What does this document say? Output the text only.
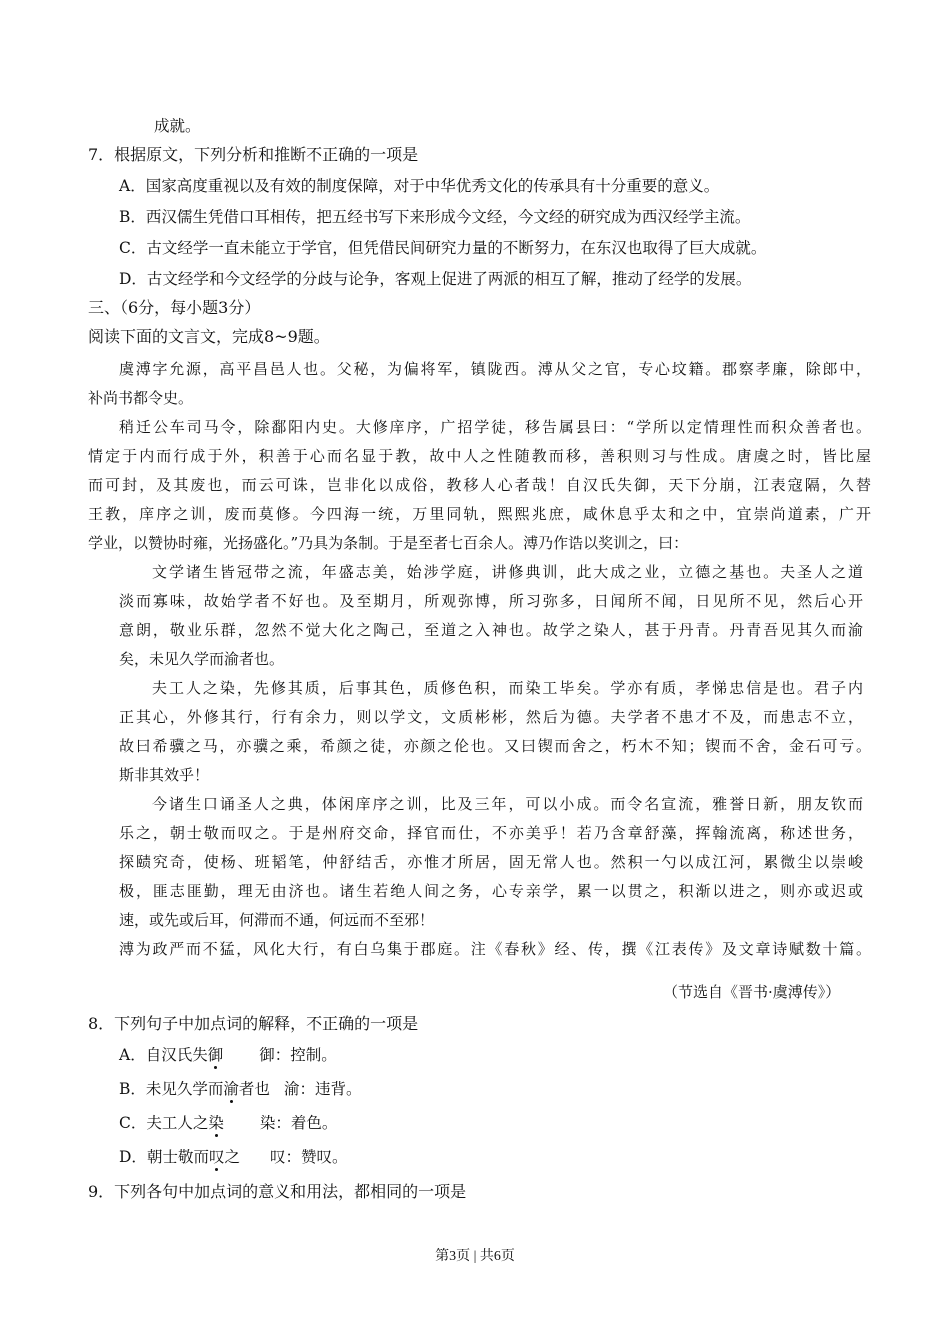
成就。
7．根据原文，下列分析和推断不正确的一项是
A．国家高度重视以及有效的制度保障，对于中华优秀文化的传承具有十分重要的意义。
B．西汉儒生凭借口耳相传，把五经书写下来形成今文经，今文经的研究成为西汉经学主流。
C．古文经学一直未能立于学官，但凭借民间研究力量的不断努力，在东汉也取得了巨大成就。
D．古文经学和今文经学的分歧与论争，客观上促进了两派的相互了解，推动了经学的发展。
三、（6分，每小题3分）
阅读下面的文言文，完成8~9题。
虞溥字允源，高平昌邑人也。父秘，为偏将军，镇陇西。溥从父之官，专心坟籍。郡察孝廉，除郎中，
补尚书都令史。
稍迁公车司马令，除鄱阳内史。大修庠序，广招学徒，移告属县曰：“学所以定情理性而积众善者也。
情定于内而行成于外，积善于心而名显于教，故中人之性随教而移，善积则习与性成。唐虞之时，皆比屋
而可封，及其废也，而云可诛，岂非化以成俗，教移人心者哉！自汉氏失御，天下分崩，江表寇隔，久替
王教，庠序之训，废而莫修。今四海一统，万里同轨，熙熙兆庶，咸休息乎太和之中，宜崇尚道素，广开
学业，以赞协时雍，光扬盛化。”乃具为条制。于是至者七百余人。溥乃作诰以奖训之，曰：
文学诸生皆冠带之流，年盛志美，始涉学庭，讲修典训，此大成之业，立德之基也。夫圣人之道
淡而寡味，故始学者不好也。及至期月，所观弥博，所习弥多，日闻所不闻，日见所不见，然后心开
意朗，敬业乐群，忽然不觉大化之陶己，至道之入神也。故学之染人，甚于丹青。丹青吾见其久而渝
矣，未见久学而渝者也。
夫工人之染，先修其质，后事其色，质修色积，而染工毕矣。学亦有质，孝悌忠信是也。君子内
正其心，外修其行，行有余力，则以学文，文质彬彬，然后为德。夫学者不患才不及，而患志不立，
故曰希骥之马，亦骥之乘，希颜之徒，亦颜之伦也。又曰锲而舍之，朽木不知；锲而不舍，金石可亏。
斯非其效乎！
今诸生口诵圣人之典，体闲庠序之训，比及三年，可以小成。而令名宣流，雅誉日新，朋友钦而
乐之，朝士敬而叹之。于是州府交命，择官而仕，不亦美乎！若乃含章舒藻，挥翰流离，称述世务，
探赜究奇，使杨、班韬笔，仲舒结舌，亦惟才所居，固无常人也。然积一勺以成江河，累微尘以崇峻
极，匪志匪勤，理无由济也。诸生若绝人间之务，心专亲学，累一以贯之，积渐以进之，则亦或迟或
速，或先或后耳，何滞而不通，何远而不至邪！
溥为政严而不猛，风化大行，有白乌集于郡庭。注《春秋》经、传，撰《江表传》及文章诗赋数十篇。
（节选自《晋书·虞溥传》）
8．下列句子中加点词的解释，不正确的一项是
A．自汉氏失御 御：控制。
B．未见久学而渝者也 渝：违背。
C．夫工人之染 染：着色。
D．朝士敬而叹之 叹：赞叹。
9．下列各句中加点词的意义和用法，都相同的一项是
第3页 | 共6页
